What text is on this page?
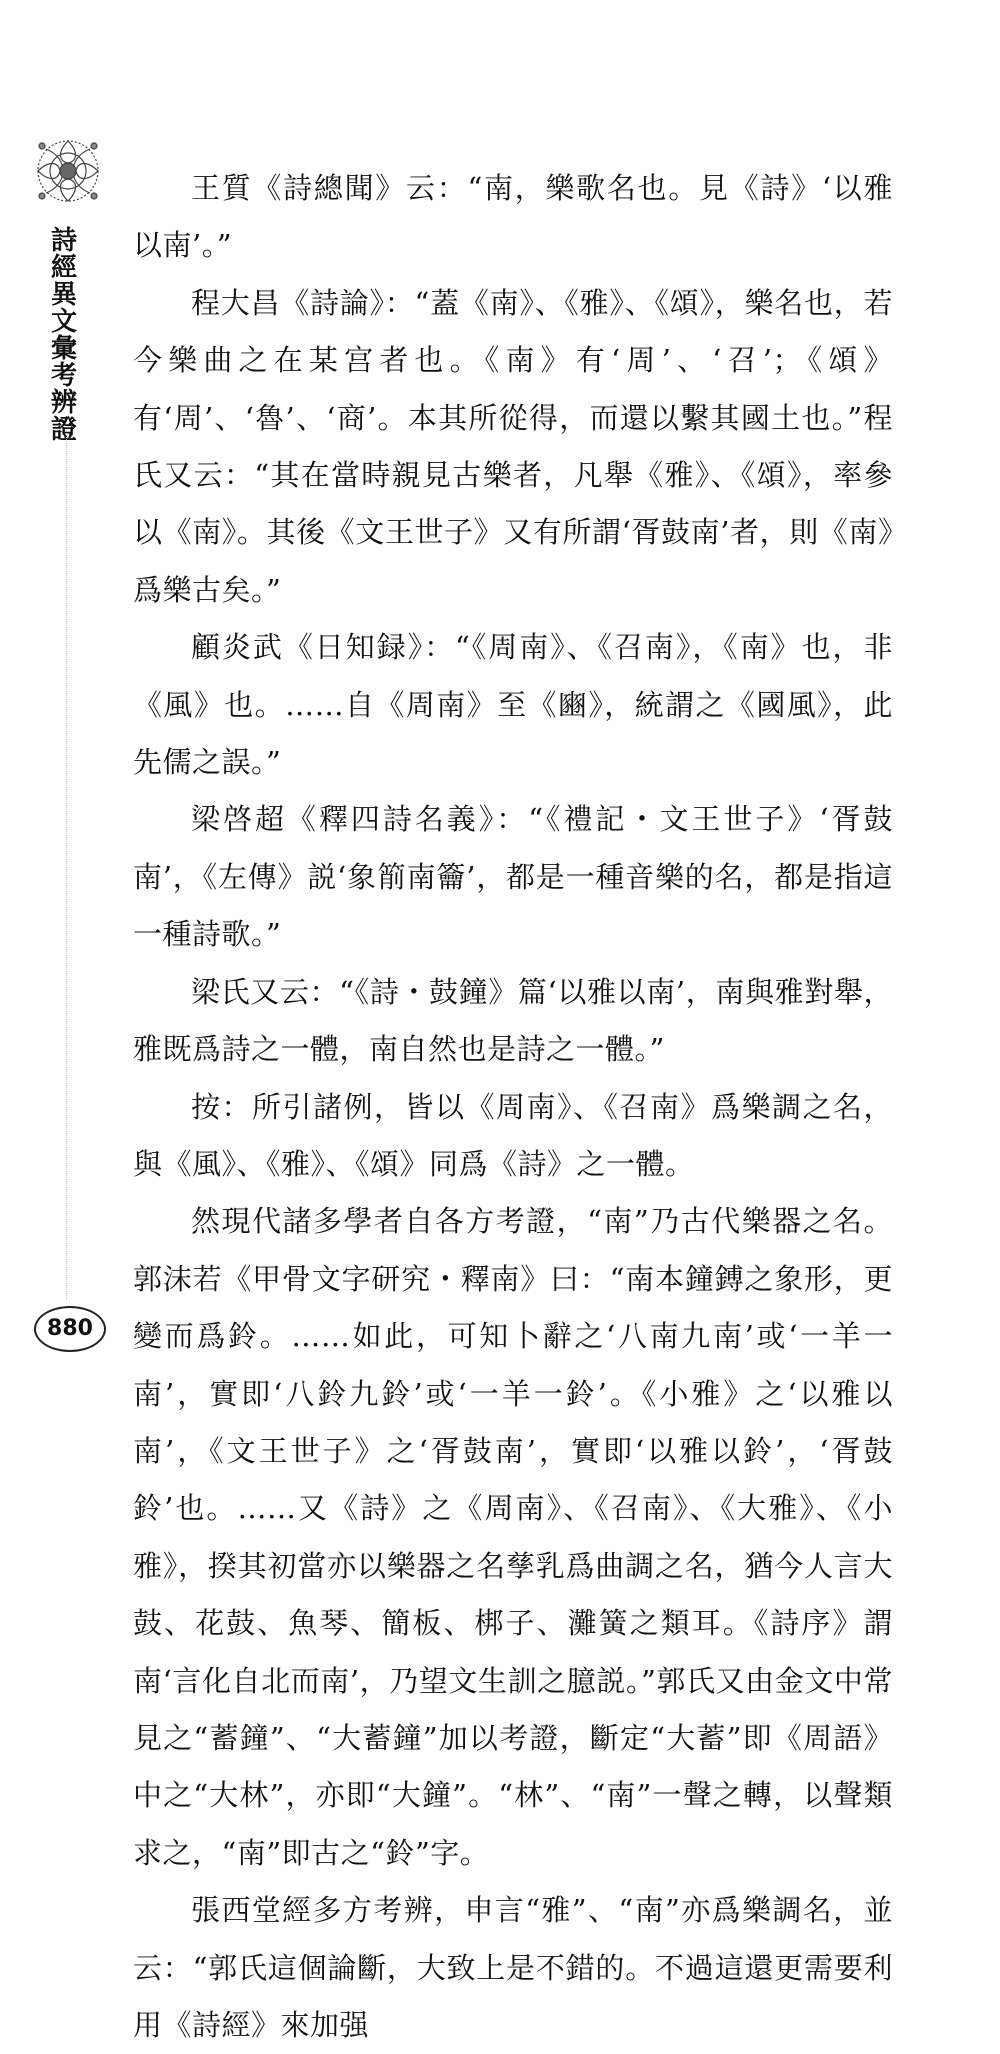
詩經異文彙考辨證

王質《詩總聞》云：“南，樂歌名也。見《詩》‘以雅以南’。”

程大昌《詩論》：“蓋《南》、《雅》、《頌》，樂名也，若今樂曲之在某宫者也。《南》有‘周’、‘召’；《頌》有‘周’、‘魯’、‘商’。本其所從得，而還以繫其國土也。”程氏又云：“其在當時親見古樂者，凡舉《雅》、《頌》，率參以《南》。其後《文王世子》又有所謂‘胥鼓南’者，則《南》爲樂古矣。”

顧炎武《日知録》：“《周南》、《召南》，《南》也，非《風》也。……自《周南》至《豳》，統謂之《國風》，此先儒之誤。”

梁啓超《釋四詩名義》：“《禮記・文王世子》‘胥鼓南’，《左傳》説‘象箾南籥’，都是一種音樂的名，都是指這一種詩歌。”

梁氏又云：“《詩・鼓鐘》篇‘以雅以南’，南與雅對舉，雅既爲詩之一體，南自然也是詩之一體。”

按：所引諸例，皆以《周南》、《召南》爲樂調之名，與《風》、《雅》、《頌》同爲《詩》之一體。

然現代諸多學者自各方考證，“南”乃古代樂器之名。郭沫若《甲骨文字研究・釋南》曰：“南本鐘鎛之象形，更變而爲鈴。……如此，可知卜辭之‘八南九南’或‘一羊一南’，實即‘八鈴九鈴’或‘一羊一鈴’。《小雅》之‘以雅以南’，《文王世子》之‘胥鼓南’，實即‘以雅以鈴’，‘胥鼓鈴’也。……又《詩》之《周南》、《召南》、《大雅》、《小雅》，揆其初當亦以樂器之名孳乳爲曲調之名，猶今人言大鼓、花鼓、魚琴、簡板、梆子、灘簧之類耳。《詩序》謂南‘言化自北而南’，乃望文生訓之臆説。”郭氏又由金文中常見之“蓄鐘”、“大蓄鐘”加以考證，斷定“大蓄”即《周語》中之“大林”，亦即“大鐘”。“林”、“南”一聲之轉，以聲類求之，“南”即古之“鈴”字。

張西堂經多方考辨，申言“雅”、“南”亦爲樂調名，並云：“郭氏這個論斷，大致上是不錯的。不過這還更需要利用《詩經》來加强

880
